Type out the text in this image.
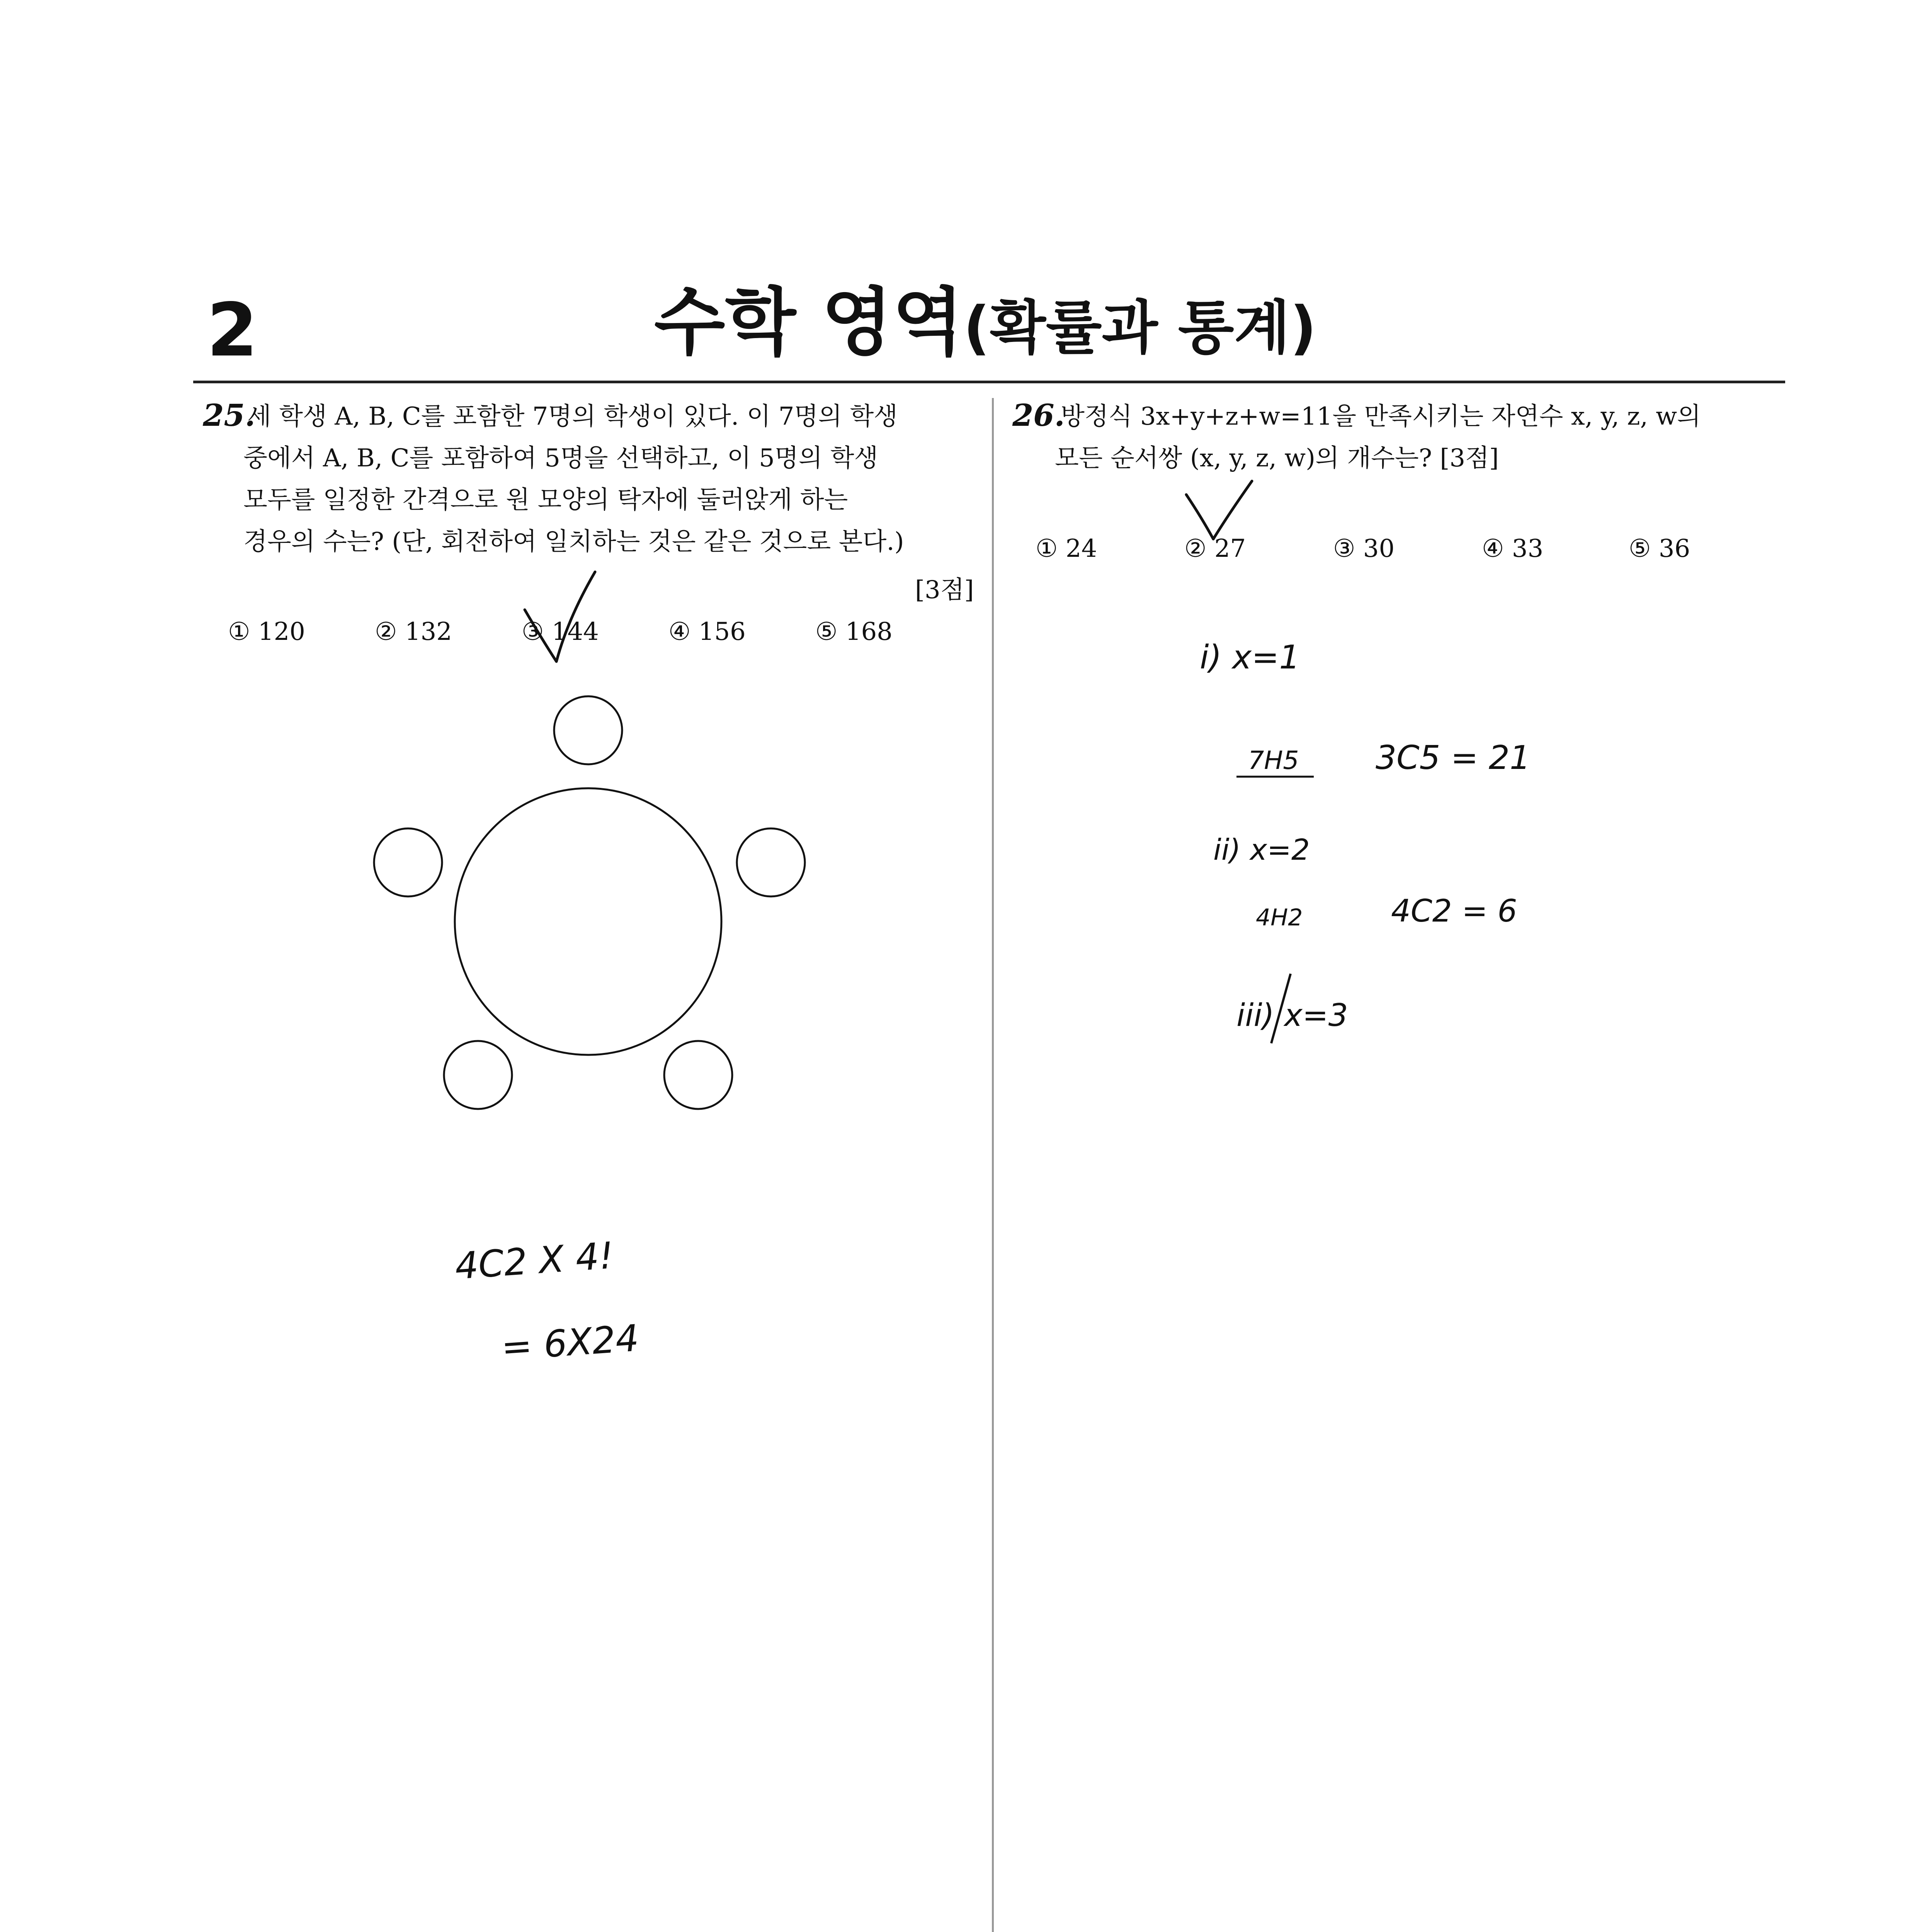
2	수학 영역(확률과 통계)
25.
세 학생 A, B, C를 포함한 7명의 학생이 있다. 이 7명의 학생
중에서 A, B, C를 포함하여 5명을 선택하고, 이 5명의 학생
모두를 일정한 간격으로 원 모양의 탁자에 둘러앉게 하는
경우의 수는? (단, 회전하여 일치하는 것은 같은 것으로 본다.)
[3점]
① 120	② 132	③ 144	④ 156	⑤ 168
26.
방정식 3x+y+z+w=11을 만족시키는 자연수 x, y, z, w의
모든 순서쌍 (x, y, z, w)의 개수는? [3점]
① 24	② 27	③ 30	④ 33	⑤ 36
4C2 X 4!
= 6X24
i) x=1
7H5 3C5 = 21
ii) x=2
4H2	4C2 = 6
iii) x=3
